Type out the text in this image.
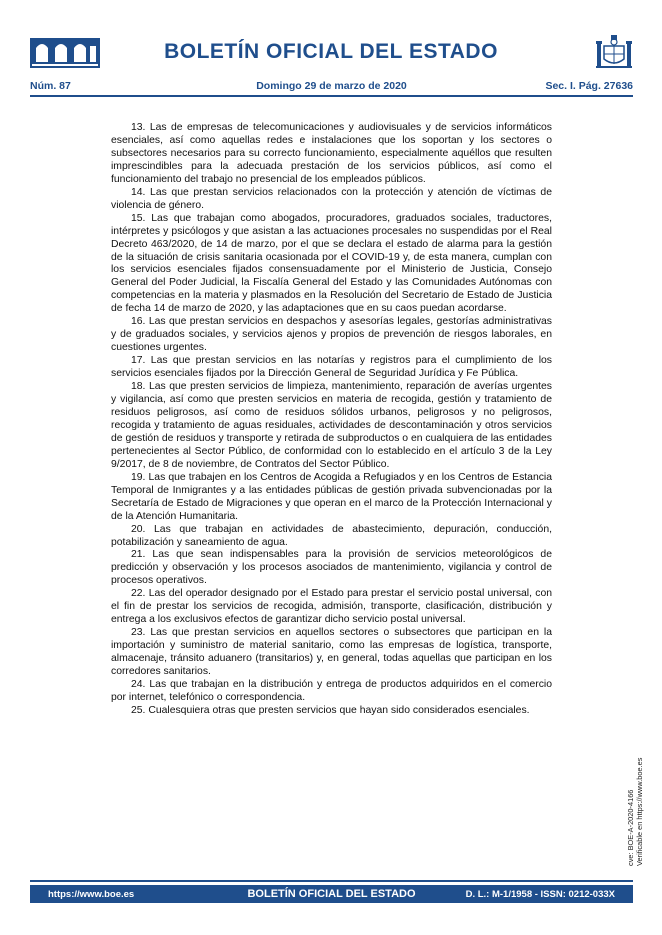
BOLETÍN OFICIAL DEL ESTADO
Núm. 87	Domingo 29 de marzo de 2020	Sec. I. Pág. 27636

13. Las de empresas de telecomunicaciones y audiovisuales y de servicios informáticos esenciales, así como aquellas redes e instalaciones que los soportan y los sectores o subsectores necesarios para su correcto funcionamiento, especialmente aquéllos que resulten imprescindibles para la adecuada prestación de los servicios públicos, así como el funcionamiento del trabajo no presencial de los empleados públicos.

14. Las que prestan servicios relacionados con la protección y atención de víctimas de violencia de género.

15. Las que trabajan como abogados, procuradores, graduados sociales, traductores, intérpretes y psicólogos y que asistan a las actuaciones procesales no suspendidas por el Real Decreto 463/2020, de 14 de marzo, por el que se declara el estado de alarma para la gestión de la situación de crisis sanitaria ocasionada por el COVID-19 y, de esta manera, cumplan con los servicios esenciales fijados consensuadamente por el Ministerio de Justicia, Consejo General del Poder Judicial, la Fiscalía General del Estado y las Comunidades Autónomas con competencias en la materia y plasmados en la Resolución del Secretario de Estado de Justicia de fecha 14 de marzo de 2020, y las adaptaciones que en su caos puedan acordarse.

16. Las que prestan servicios en despachos y asesorías legales, gestorías administrativas y de graduados sociales, y servicios ajenos y propios de prevención de riesgos laborales, en cuestiones urgentes.

17. Las que prestan servicios en las notarías y registros para el cumplimiento de los servicios esenciales fijados por la Dirección General de Seguridad Jurídica y Fe Pública.

18. Las que presten servicios de limpieza, mantenimiento, reparación de averías urgentes y vigilancia, así como que presten servicios en materia de recogida, gestión y tratamiento de residuos peligrosos, así como de residuos sólidos urbanos, peligrosos y no peligrosos, recogida y tratamiento de aguas residuales, actividades de descontaminación y otros servicios de gestión de residuos y transporte y retirada de subproductos o en cualquiera de las entidades pertenecientes al Sector Público, de conformidad con lo establecido en el artículo 3 de la Ley 9/2017, de 8 de noviembre, de Contratos del Sector Público.

19. Las que trabajen en los Centros de Acogida a Refugiados y en los Centros de Estancia Temporal de Inmigrantes y a las entidades públicas de gestión privada subvencionadas por la Secretaría de Estado de Migraciones y que operan en el marco de la Protección Internacional y de la Atención Humanitaria.

20. Las que trabajan en actividades de abastecimiento, depuración, conducción, potabilización y saneamiento de agua.

21. Las que sean indispensables para la provisión de servicios meteorológicos de predicción y observación y los procesos asociados de mantenimiento, vigilancia y control de procesos operativos.

22. Las del operador designado por el Estado para prestar el servicio postal universal, con el fin de prestar los servicios de recogida, admisión, transporte, clasificación, distribución y entrega a los exclusivos efectos de garantizar dicho servicio postal universal.

23. Las que prestan servicios en aquellos sectores o subsectores que participan en la importación y suministro de material sanitario, como las empresas de logística, transporte, almacenaje, tránsito aduanero (transitarios) y, en general, todas aquellas que participan en los corredores sanitarios.

24. Las que trabajan en la distribución y entrega de productos adquiridos en el comercio por internet, telefónico o correspondencia.

25. Cualesquiera otras que presten servicios que hayan sido considerados esenciales.

cve: BOE-A-2020-4166 Verificable en https://www.boe.es
https://www.boe.es	BOLETÍN OFICIAL DEL ESTADO	D. L.: M-1/1958 - ISSN: 0212-033X
